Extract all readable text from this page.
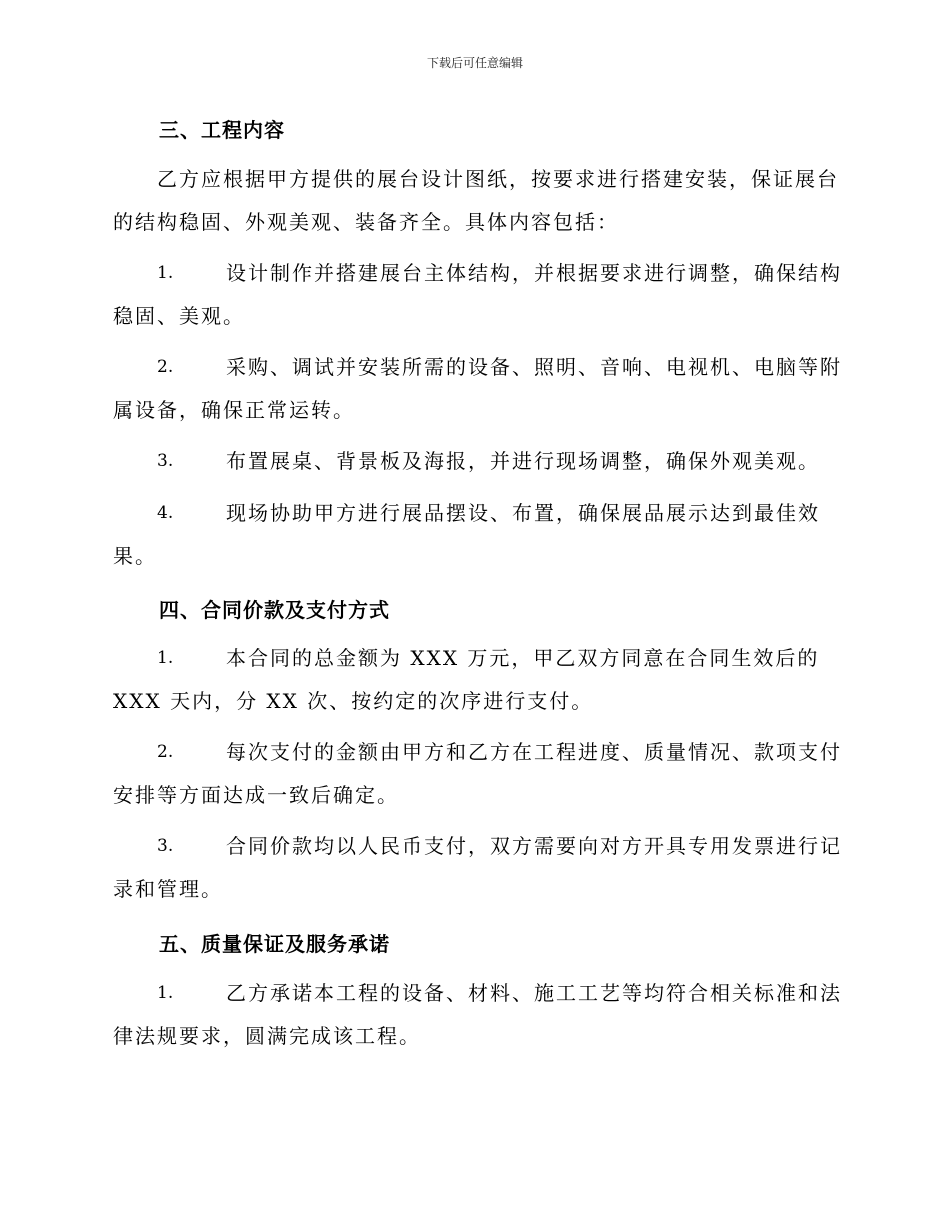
下载后可任意编辑
三、工程内容
乙方应根据甲方提供的展台设计图纸，按要求进行搭建安装，保证展台
的结构稳固、外观美观、装备齐全。具体内容包括：
1.	设计制作并搭建展台主体结构，并根据要求进行调整，确保结构
稳固、美观。
2.	采购、调试并安装所需的设备、照明、音响、电视机、电脑等附
属设备，确保正常运转。
3.	布置展桌、背景板及海报，并进行现场调整，确保外观美观。
4.	现场协助甲方进行展品摆设、布置，确保展品展示达到最佳效
果。
四、合同价款及支付方式
1.	本合同的总金额为 XXX 万元，甲乙双方同意在合同生效后的
XXX 天内，分 XX 次、按约定的次序进行支付。
2.	每次支付的金额由甲方和乙方在工程进度、质量情况、款项支付
安排等方面达成一致后确定。
3.	合同价款均以人民币支付，双方需要向对方开具专用发票进行记
录和管理。
五、质量保证及服务承诺
1.	乙方承诺本工程的设备、材料、施工工艺等均符合相关标准和法
律法规要求，圆满完成该工程。
